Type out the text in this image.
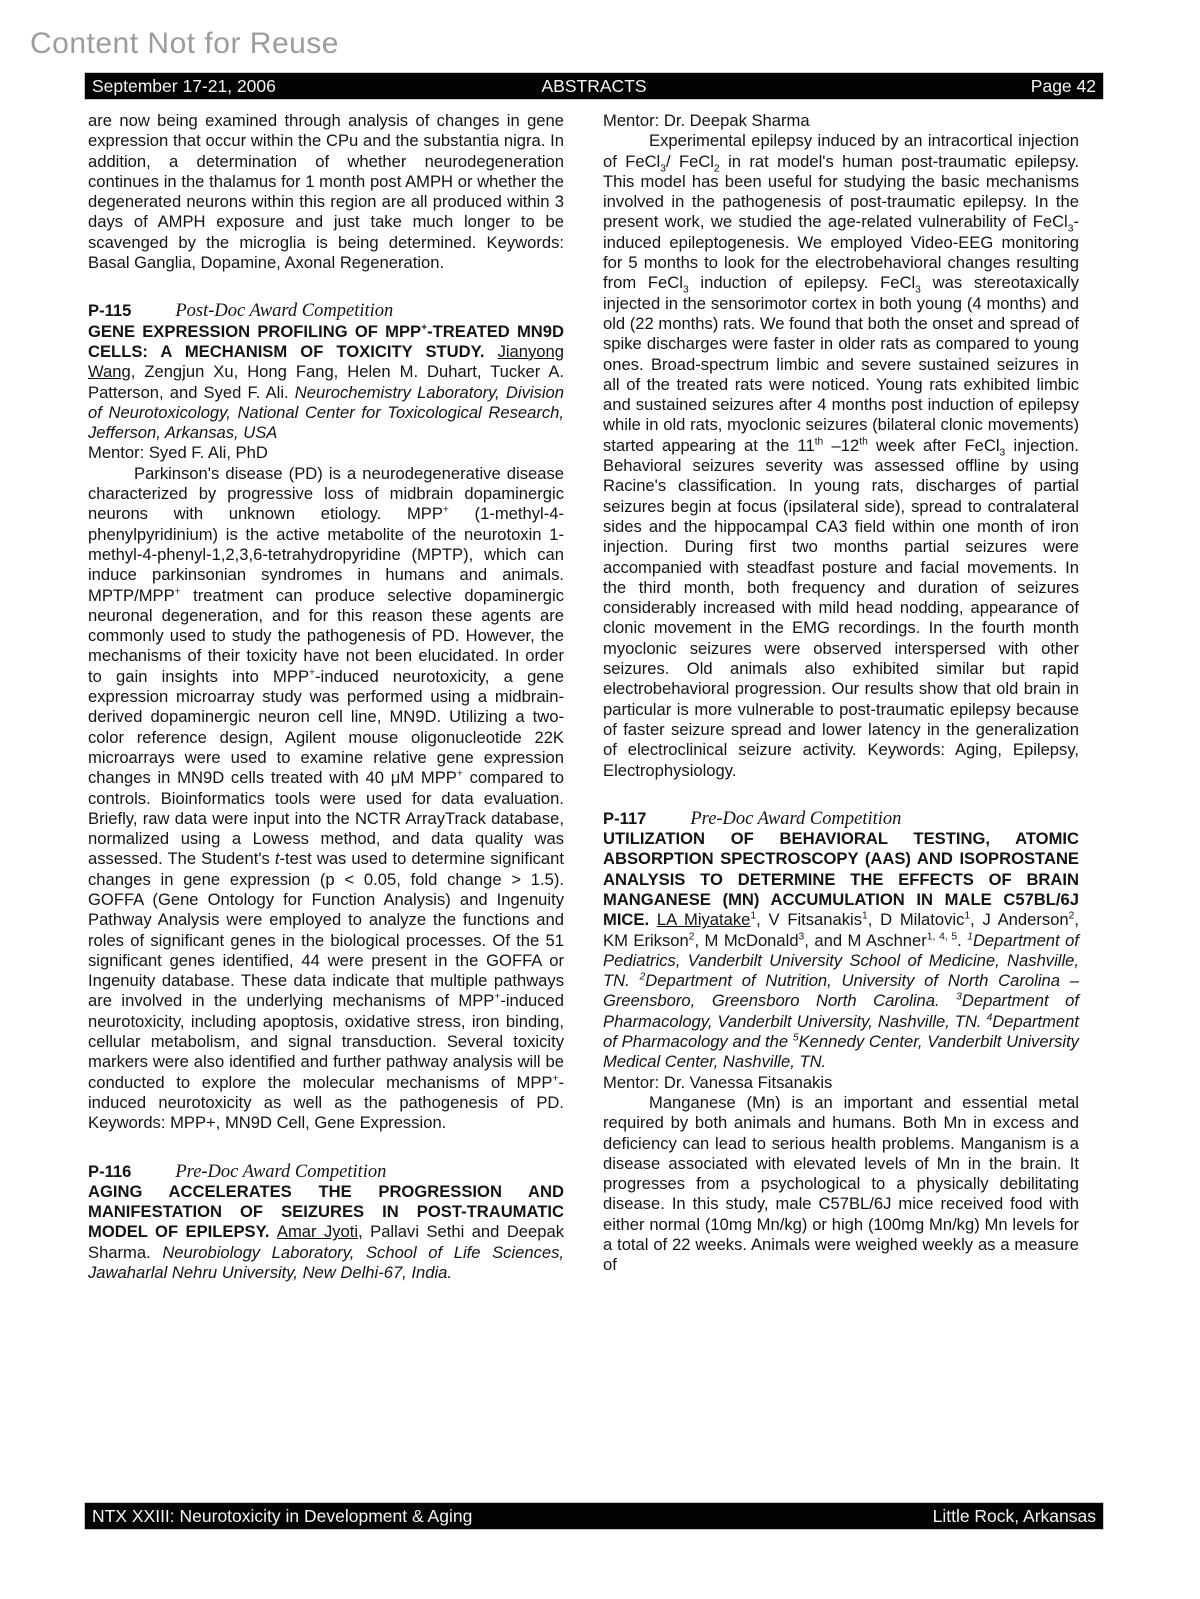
Content Not for Reuse
September 17-21, 2006	ABSTRACTS	Page 42

are now being examined through analysis of changes in gene expression that occur within the CPu and the substantia nigra. In addition, a determination of whether neurodegeneration continues in the thalamus for 1 month post AMPH or whether the degenerated neurons within this region are all produced within 3 days of AMPH exposure and just take much longer to be scavenged by the microglia is being determined. Keywords: Basal Ganglia, Dopamine, Axonal Regeneration.

P-115 Post-Doc Award Competition

GENE EXPRESSION PROFILING OF MPP+-TREATED MN9D CELLS: A MECHANISM OF TOXICITY STUDY. Jianyong Wang, Zengjun Xu, Hong Fang, Helen M. Duhart, Tucker A. Patterson, and Syed F. Ali. Neurochemistry Laboratory, Division of Neurotoxicology, National Center for Toxicological Research, Jefferson, Arkansas, USA

Mentor: Syed F. Ali, PhD

Parkinson's disease (PD) is a neurodegenerative disease characterized by progressive loss of midbrain dopaminergic neurons with unknown etiology. MPP+ (1-methyl-4-phenylpyridinium) is the active metabolite of the neurotoxin 1-methyl-4-phenyl-1,2,3,6-tetrahydropyridine (MPTP), which can induce parkinsonian syndromes in humans and animals. MPTP/MPP+ treatment can produce selective dopaminergic neuronal degeneration, and for this reason these agents are commonly used to study the pathogenesis of PD. However, the mechanisms of their toxicity have not been elucidated. In order to gain insights into MPP+-induced neurotoxicity, a gene expression microarray study was performed using a midbrain-derived dopaminergic neuron cell line, MN9D. Utilizing a two-color reference design, Agilent mouse oligonucleotide 22K microarrays were used to examine relative gene expression changes in MN9D cells treated with 40 μM MPP+ compared to controls. Bioinformatics tools were used for data evaluation. Briefly, raw data were input into the NCTR ArrayTrack database, normalized using a Lowess method, and data quality was assessed. The Student's t-test was used to determine significant changes in gene expression (p < 0.05, fold change > 1.5). GOFFA (Gene Ontology for Function Analysis) and Ingenuity Pathway Analysis were employed to analyze the functions and roles of significant genes in the biological processes. Of the 51 significant genes identified, 44 were present in the GOFFA or Ingenuity database. These data indicate that multiple pathways are involved in the underlying mechanisms of MPP+-induced neurotoxicity, including apoptosis, oxidative stress, iron binding, cellular metabolism, and signal transduction. Several toxicity markers were also identified and further pathway analysis will be conducted to explore the molecular mechanisms of MPP+-induced neurotoxicity as well as the pathogenesis of PD. Keywords: MPP+, MN9D Cell, Gene Expression.

P-116 Pre-Doc Award Competition

AGING ACCELERATES THE PROGRESSION AND MANIFESTATION OF SEIZURES IN POST-TRAUMATIC MODEL OF EPILEPSY. Amar Jyoti, Pallavi Sethi and Deepak Sharma. Neurobiology Laboratory, School of Life Sciences, Jawaharlal Nehru University, New Delhi-67, India.

Mentor: Dr. Deepak Sharma

Experimental epilepsy induced by an intracortical injection of FeCl$_3$/ FeCl$_2$ in rat model's human post-traumatic epilepsy. This model has been useful for studying the basic mechanisms involved in the pathogenesis of post-traumatic epilepsy. In the present work, we studied the age-related vulnerability of FeCl$_3$-induced epileptogenesis. We employed Video-EEG monitoring for 5 months to look for the electrobehavioral changes resulting from FeCl$_3$ induction of epilepsy. FeCl$_3$ was stereotaxically injected in the sensorimotor cortex in both young (4 months) and old (22 months) rats. We found that both the onset and spread of spike discharges were faster in older rats as compared to young ones. Broad-spectrum limbic and severe sustained seizures in all of the treated rats were noticed. Young rats exhibited limbic and sustained seizures after 4 months post induction of epilepsy while in old rats, myoclonic seizures (bilateral clonic movements) started appearing at the 11th –12th week after FeCl$_3$ injection. Behavioral seizures severity was assessed offline by using Racine's classification. In young rats, discharges of partial seizures begin at focus (ipsilateral side), spread to contralateral sides and the hippocampal CA3 field within one month of iron injection. During first two months partial seizures were accompanied with steadfast posture and facial movements. In the third month, both frequency and duration of seizures considerably increased with mild head nodding, appearance of clonic movement in the EMG recordings. In the fourth month myoclonic seizures were observed interspersed with other seizures. Old animals also exhibited similar but rapid electrobehavioral progression. Our results show that old brain in particular is more vulnerable to post-traumatic epilepsy because of faster seizure spread and lower latency in the generalization of electroclinical seizure activity. Keywords: Aging, Epilepsy, Electrophysiology.

P-117 Pre-Doc Award Competition

UTILIZATION OF BEHAVIORAL TESTING, ATOMIC ABSORPTION SPECTROSCOPY (AAS) AND ISOPROSTANE ANALYSIS TO DETERMINE THE EFFECTS OF BRAIN MANGANESE (MN) ACCUMULATION IN MALE C57BL/6J MICE. LA Miyatake$^1$, V Fitsanakis$^1$, D Milatovic$^1$, J Anderson$^2$, KM Erikson$^2$, M McDonald$^3$, and M Aschner$^{1, 4, 5}$. $^1$Department of Pediatrics, Vanderbilt University School of Medicine, Nashville, TN. $^2$Department of Nutrition, University of North Carolina – Greensboro, Greensboro North Carolina. $^3$Department of Pharmacology, Vanderbilt University, Nashville, TN. $^4$Department of Pharmacology and the $^5$Kennedy Center, Vanderbilt University Medical Center, Nashville, TN.

Mentor: Dr. Vanessa Fitsanakis

Manganese (Mn) is an important and essential metal required by both animals and humans. Both Mn in excess and deficiency can lead to serious health problems. Manganism is a disease associated with elevated levels of Mn in the brain. It progresses from a psychological to a physically debilitating disease. In this study, male C57BL/6J mice received food with either normal (10mg Mn/kg) or high (100mg Mn/kg) Mn levels for a total of 22 weeks. Animals were weighed weekly as a measure of

NTX XXIII: Neurotoxicity in Development & Aging	Little Rock, Arkansas
